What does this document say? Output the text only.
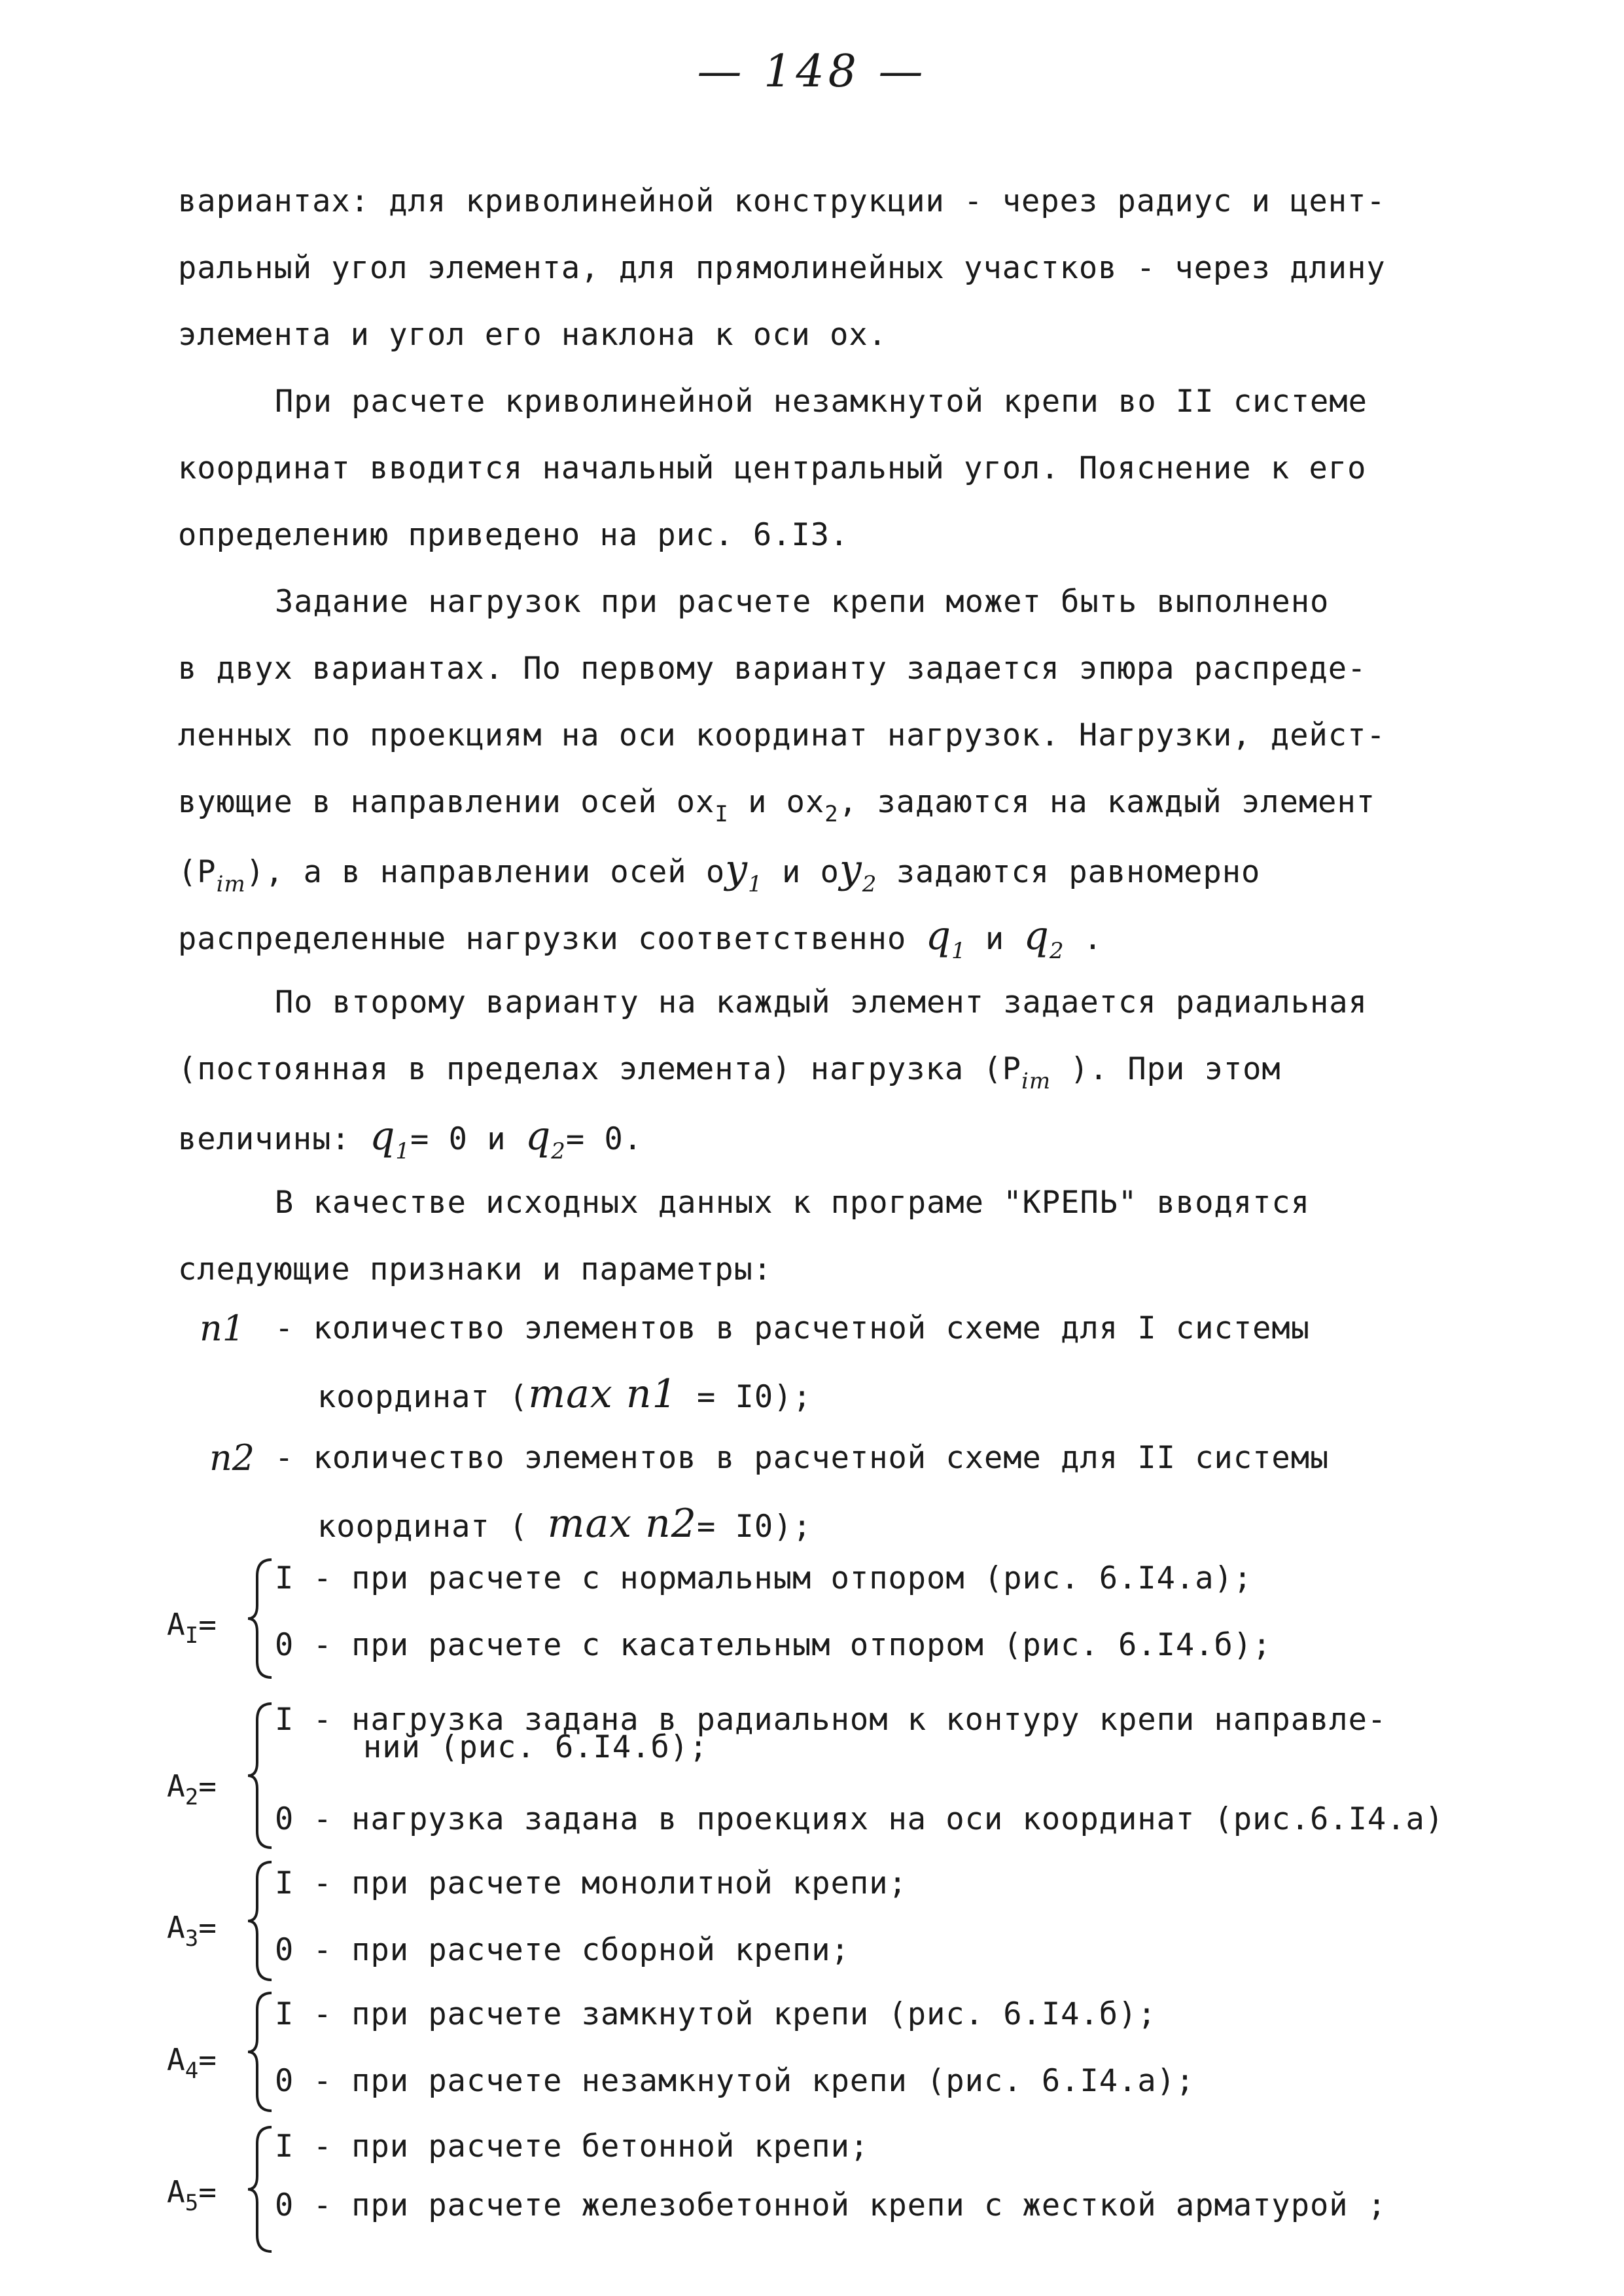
— 148 —
вариантах: для криволинейной конструкции - через радиус и цент-
ральный угол элемента, для прямолинейных участков - через длину
элемента и угол его наклона к оси ох.
При расчете криволинейной незамкнутой крепи во II системе
координат вводится начальный центральный угол. Пояснение к его
определению приведено на рис. 6.I3.
Задание нагрузок при расчете крепи может быть выполнено
в двух вариантах. По первому варианту задается эпюра распреде-
ленных по проекциям на оси координат нагрузок. Нагрузки, дейст-
вующие в направлении осей $ох_I$ и $ох_2$, задаются на каждый элемент
$(P_{im})$, а в направлении осей $оy_1$ и $оy_2$ задаются равномерно
распределенные нагрузки соответственно $q_1$ и $q_2$ .
По второму варианту на каждый элемент задается радиальная
(постоянная в пределах элемента) нагрузка ($P_{im}$ ). При этом
величины: $q_1= 0$ и $q_2= 0$.
В качестве исходных данных к програме "КРЕПЬ" вводятся
следующие признаки и параметры:
n1 - количество элементов в расчетной схеме для I системы
координат (max n1 = I0);
n2 - количество элементов в расчетной схеме для II системы
координат ( max n2= I0);
$A_I=$
I - при расчете с нормальным отпором (рис. 6.I4.а);
0 - при расчете с касательным отпором (рис. 6.I4.б);
$A_2=$
I - нагрузка задана в радиальном к контуру крепи направле-
ний (рис. 6.I4.б);
0 - нагрузка задана в проекциях на оси координат (рис.6.I4.а)
$A_3=$
I - при расчете монолитной крепи;
0 - при расчете сборной крепи;
$A_4=$
I - при расчете замкнутой крепи (рис. 6.I4.б);
0 - при расчете незамкнутой крепи (рис. 6.I4.а);
$A_5=$
I - при расчете бетонной крепи;
0 - при расчете железобетонной крепи с жесткой арматурой ;
